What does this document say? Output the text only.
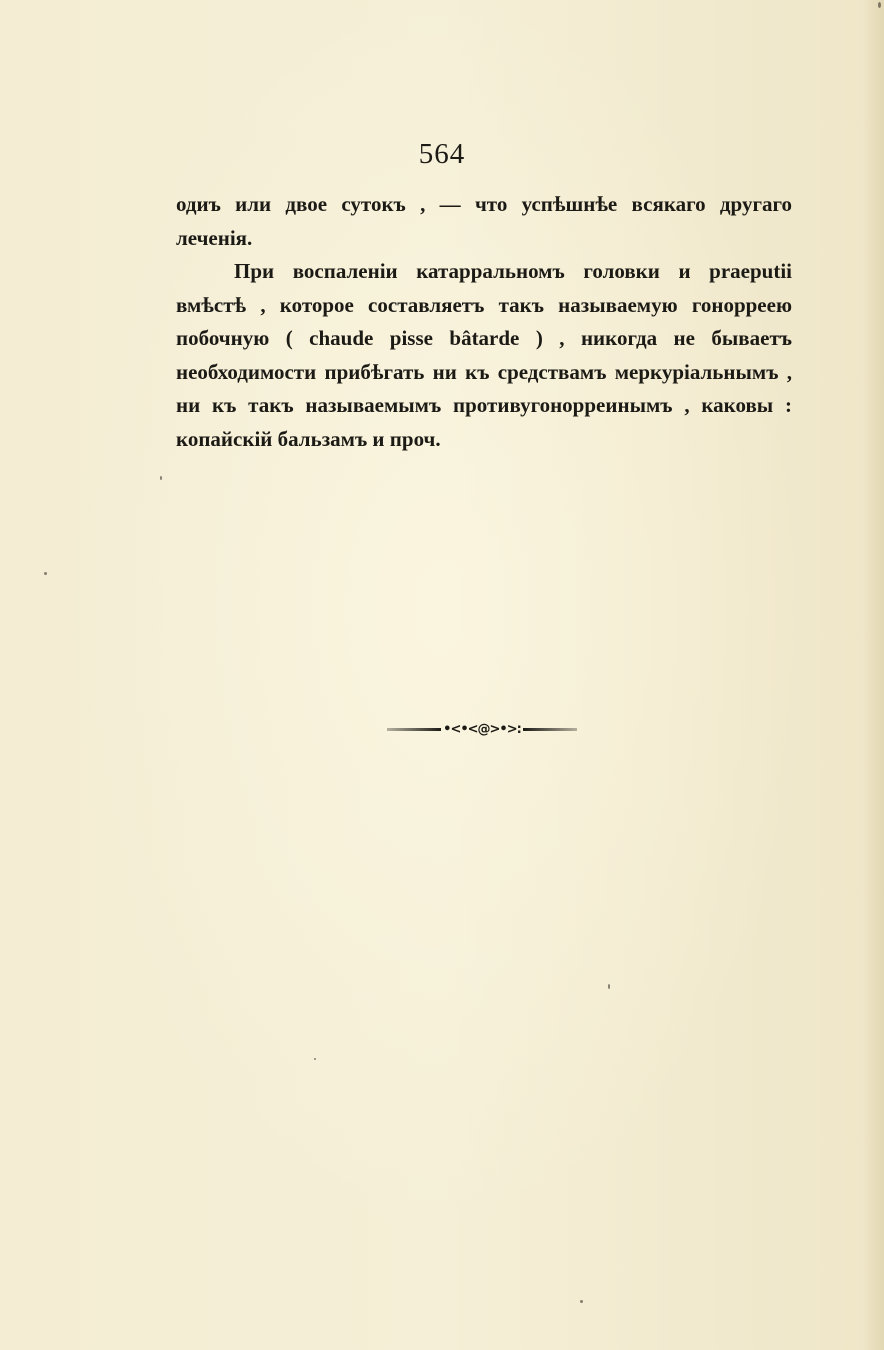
564

одиъ или двое сутокъ , — что успѣшнѣе всякаго другаго леченія.

При воспаленіи катарральномъ головки и praeputii вмѣстѣ , которое составляетъ такъ называемую гонорреею побочную ( chaude pisse bâtarde ) , никогда не бываетъ необходимости прибѣгать ни къ средствамъ меркуріальнымъ , ни къ такъ называемымъ противугонорреинымъ , каковы : копайскій бальзамъ и проч.

•<•<@>•>:
